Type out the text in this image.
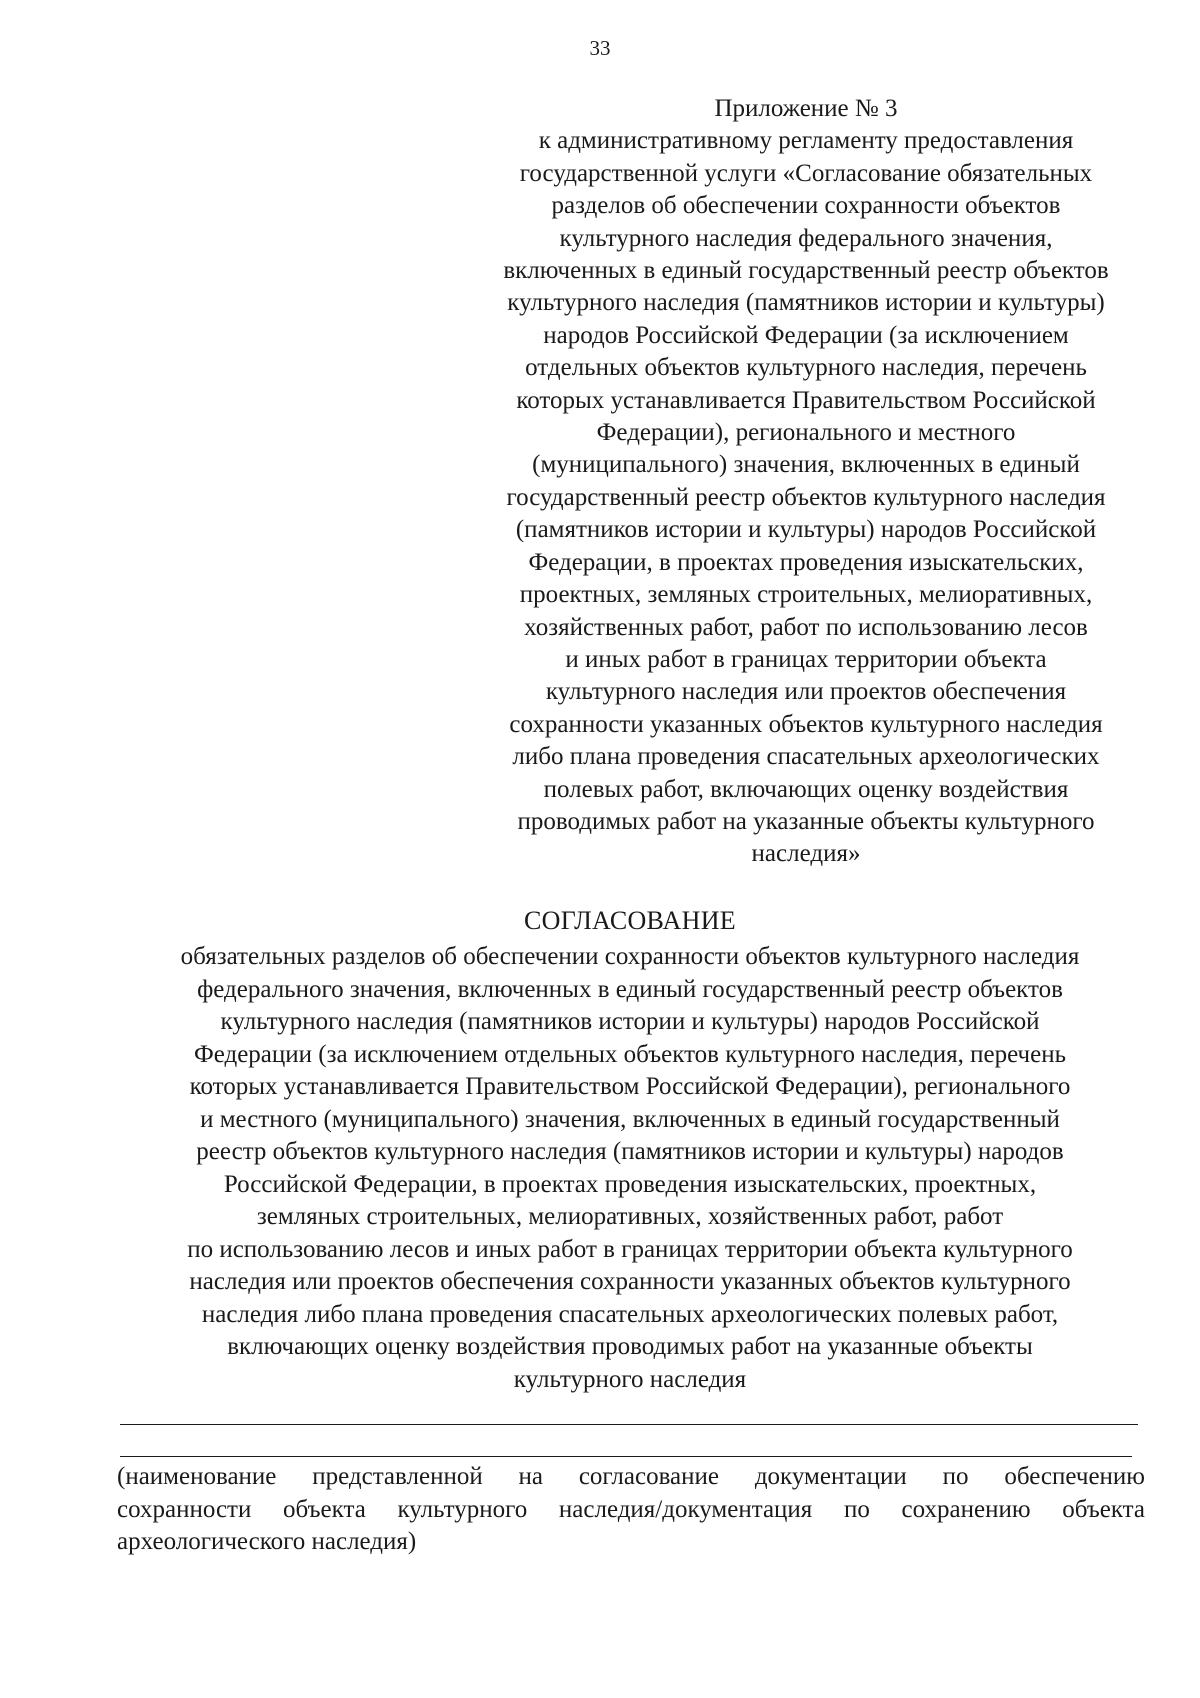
33
Приложение № 3
к административному регламенту предоставления
государственной услуги «Согласование обязательных
разделов об обеспечении сохранности объектов
культурного наследия федерального значения,
включенных в единый государственный реестр объектов
культурного наследия (памятников истории и культуры)
народов Российской Федерации (за исключением
отдельных объектов культурного наследия, перечень
которых устанавливается Правительством Российской
Федерации), регионального и местного
(муниципального) значения, включенных в единый
государственный реестр объектов культурного наследия
(памятников истории и культуры) народов Российской
Федерации, в проектах проведения изыскательских,
проектных, земляных строительных, мелиоративных,
хозяйственных работ, работ по использованию лесов
и иных работ в границах территории объекта
культурного наследия или проектов обеспечения
сохранности указанных объектов культурного наследия
либо плана проведения спасательных археологических
полевых работ, включающих оценку воздействия
проводимых работ на указанные объекты культурного
наследия»
СОГЛАСОВАНИЕ
обязательных разделов об обеспечении сохранности объектов культурного наследия
федерального значения, включенных в единый государственный реестр объектов
культурного наследия (памятников истории и культуры) народов Российской
Федерации (за исключением отдельных объектов культурного наследия, перечень
которых устанавливается Правительством Российской Федерации), регионального
и местного (муниципального) значения, включенных в единый государственный
реестр объектов культурного наследия (памятников истории и культуры) народов
Российской Федерации, в проектах проведения изыскательских, проектных,
земляных строительных, мелиоративных, хозяйственных работ, работ
по использованию лесов и иных работ в границах территории объекта культурного
наследия или проектов обеспечения сохранности указанных объектов культурного
наследия либо плана проведения спасательных археологических полевых работ,
включающих оценку воздействия проводимых работ на указанные объекты
культурного наследия
(наименование представленной на согласование документации по обеспечению
сохранности объекта культурного наследия/документация по сохранению объекта
археологического наследия)
